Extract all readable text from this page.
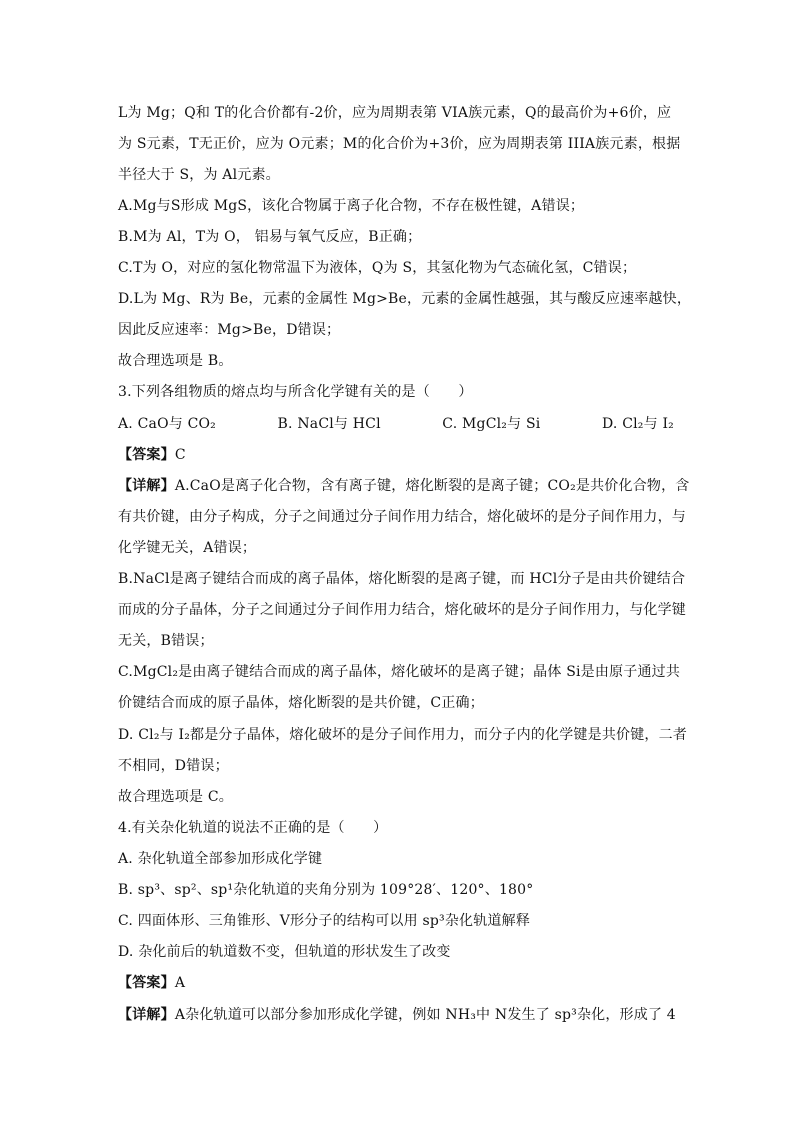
L为 Mg；Q和 T的化合价都有-2价，应为周期表第 VIA族元素，Q的最高价为+6价，应
为 S元素，T无正价，应为 O元素；M的化合价为+3价，应为周期表第 IIIA族元素，根据
半径大于 S，为 Al元素。
A.Mg与S形成 MgS，该化合物属于离子化合物，不存在极性键，A错误；
B.M为 Al，T为 O， 铝易与氧气反应，B正确；
C.T为 O，对应的氢化物常温下为液体，Q为 S，其氢化物为气态硫化氢，C错误；
D.L为 Mg、R为 Be，元素的金属性 Mg>Be，元素的金属性越强，其与酸反应速率越快，
因此反应速率：Mg>Be，D错误；
故合理选项是 B。
3.下列各组物质的熔点均与所含化学键有关的是（　　）
A. CaO与 CO₂	B. NaCl与 HCl	C. MgCl₂与 Si	D. Cl₂与 I₂
【答案】C
【详解】A.CaO是离子化合物，含有离子键，熔化断裂的是离子键；CO₂是共价化合物，含
有共价键，由分子构成，分子之间通过分子间作用力结合，熔化破坏的是分子间作用力，与
化学键无关，A错误；
B.NaCl是离子键结合而成的离子晶体，熔化断裂的是离子键，而 HCl分子是由共价键结合
而成的分子晶体，分子之间通过分子间作用力结合，熔化破坏的是分子间作用力，与化学键
无关，B错误；
C.MgCl₂是由离子键结合而成的离子晶体，熔化破坏的是离子键；晶体 Si是由原子通过共
价键结合而成的原子晶体，熔化断裂的是共价键，C正确；
D. Cl₂与 I₂都是分子晶体，熔化破坏的是分子间作用力，而分子内的化学键是共价键，二者
不相同，D错误；
故合理选项是 C。
4.有关杂化轨道的说法不正确的是（　　）
A. 杂化轨道全部参加形成化学键
B. sp³、sp²、sp¹杂化轨道的夹角分别为 109°28′、120°、180°
C. 四面体形、三角锥形、V形分子的结构可以用 sp³杂化轨道解释
D. 杂化前后的轨道数不变，但轨道的形状发生了改变
【答案】A
【详解】A杂化轨道可以部分参加形成化学键，例如 NH₃中 N发生了 sp³杂化，形成了 4
